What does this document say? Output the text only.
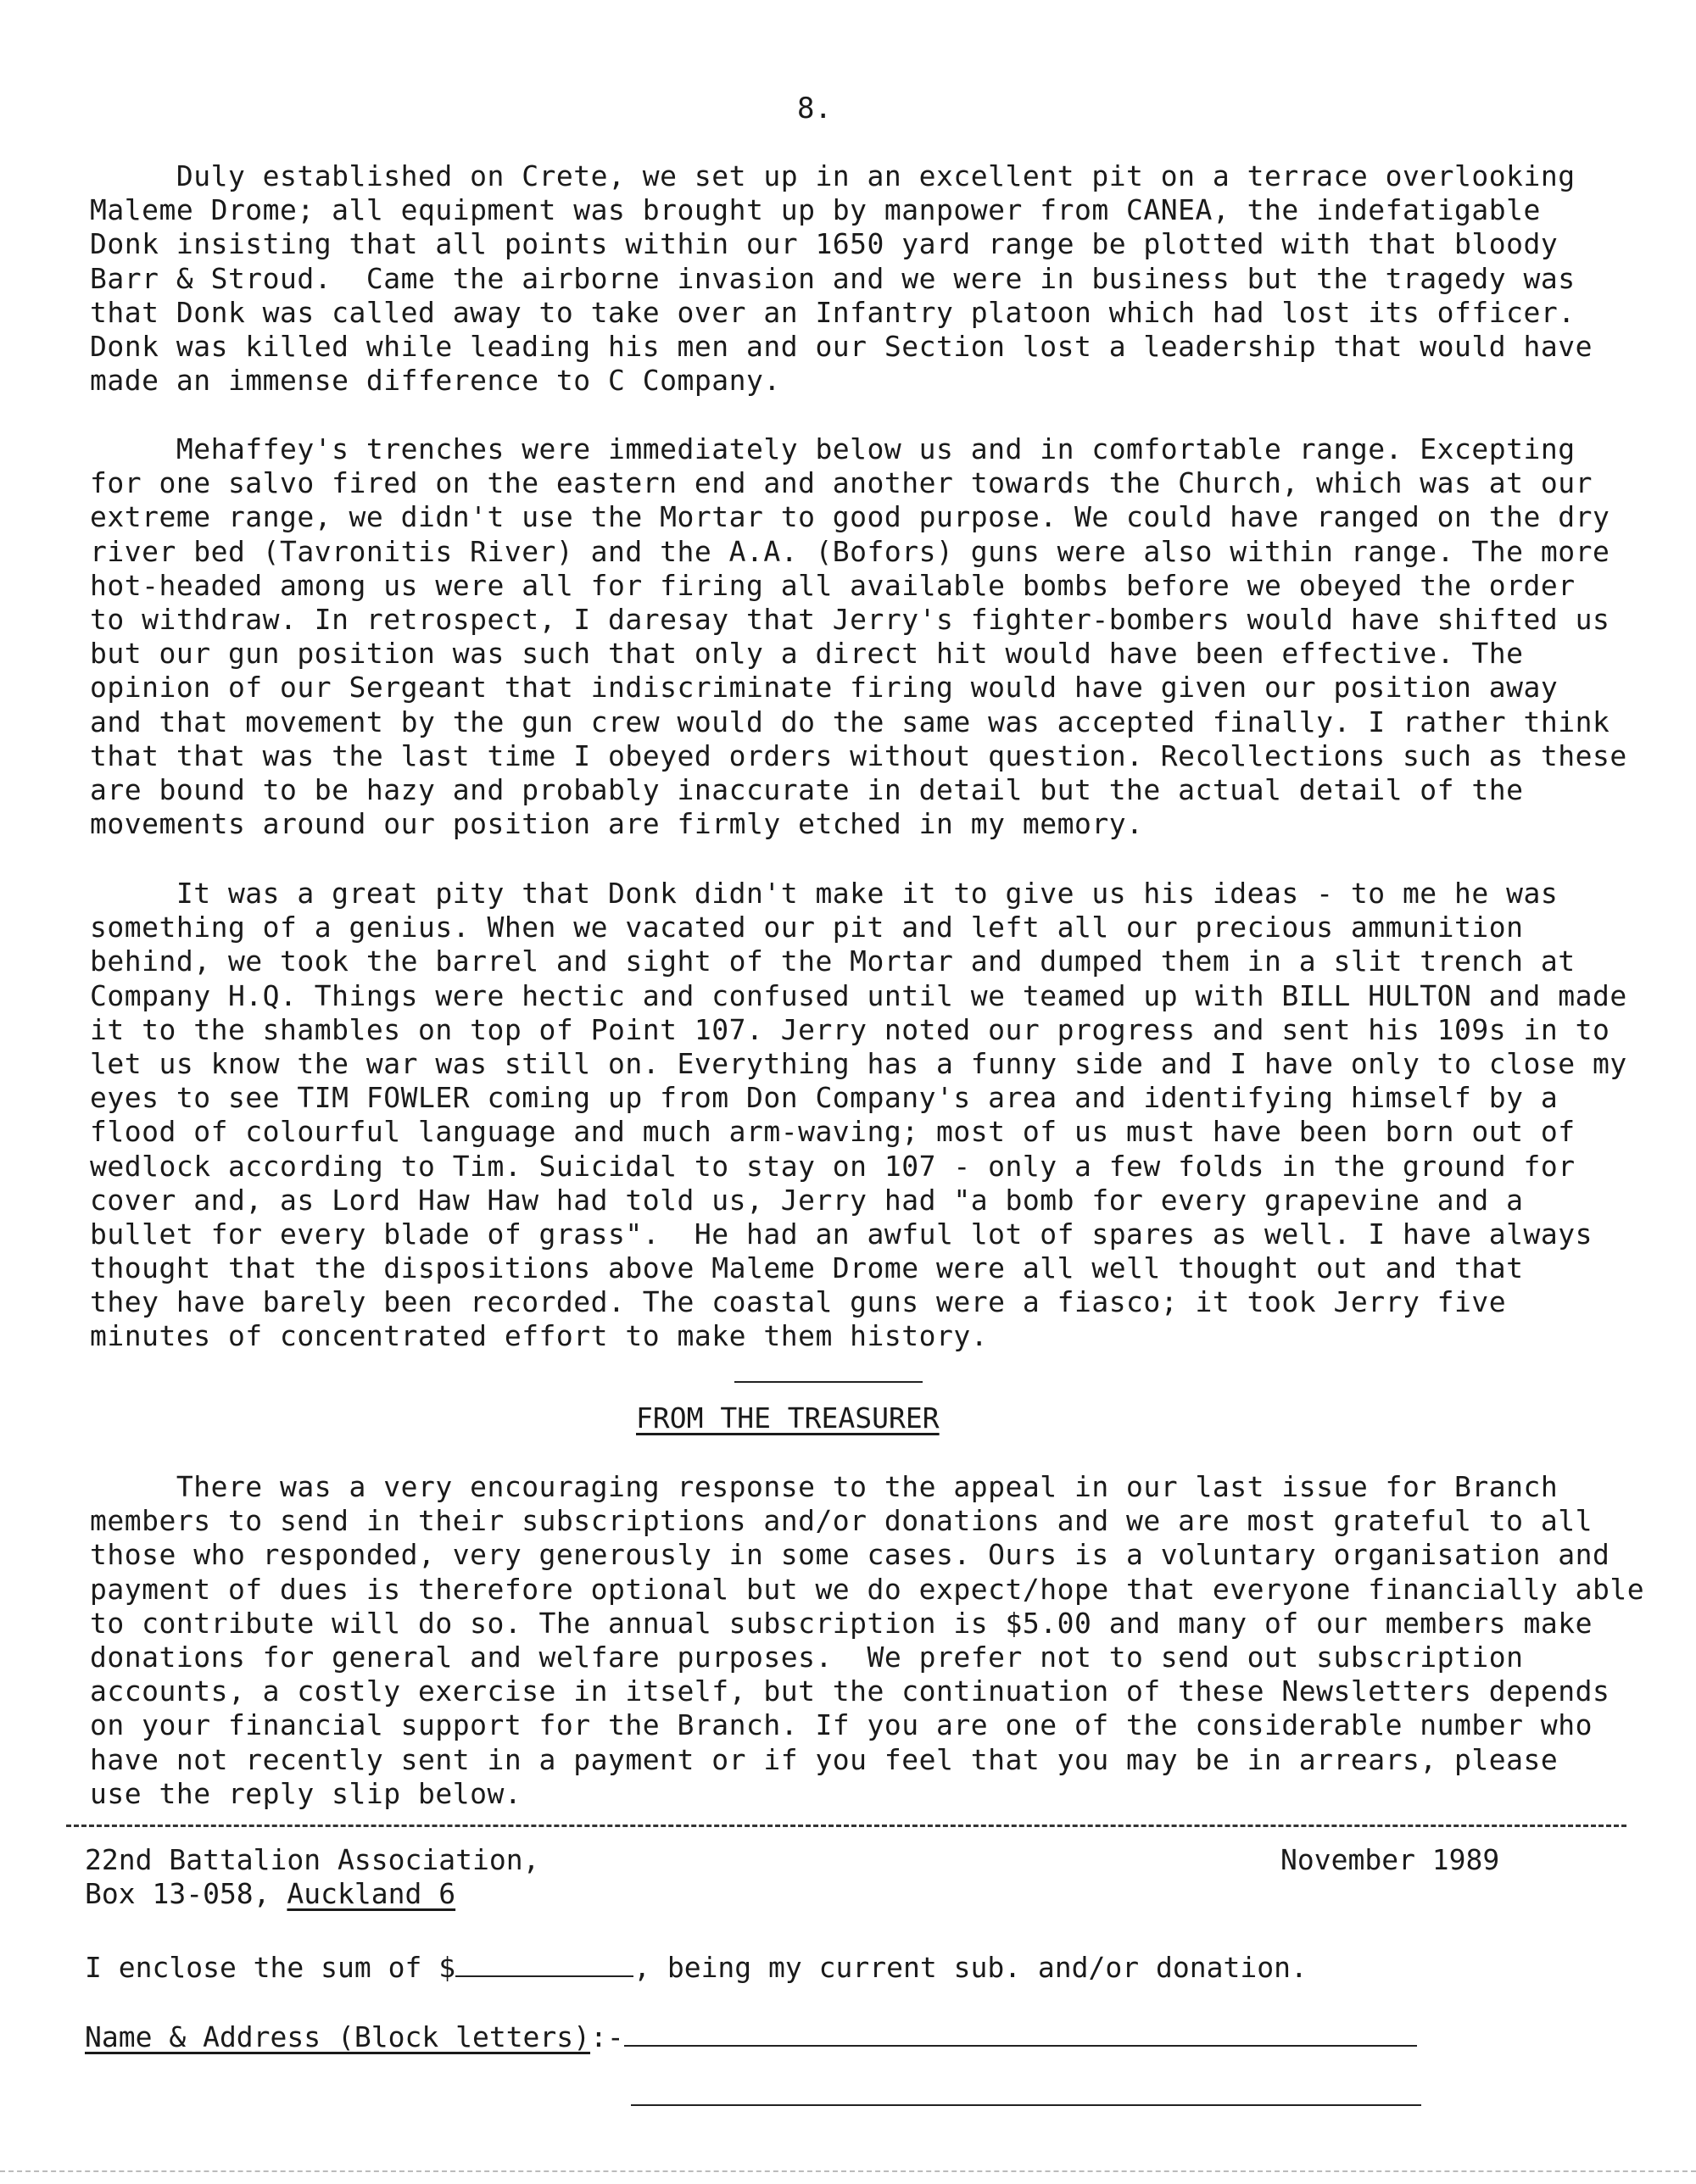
8.
Duly established on Crete, we set up in an excellent pit on a terrace overlooking
Maleme Drome; all equipment was brought up by manpower from CANEA, the indefatigable
Donk insisting that all points within our 1650 yard range be plotted with that bloody
Barr & Stroud.  Came the airborne invasion and we were in business but the tragedy was
that Donk was called away to take over an Infantry platoon which had lost its officer.
Donk was killed while leading his men and our Section lost a leadership that would have
made an immense difference to C Company.
Mehaffey's trenches were immediately below us and in comfortable range. Excepting
for one salvo fired on the eastern end and another towards the Church, which was at our
extreme range, we didn't use the Mortar to good purpose. We could have ranged on the dry
river bed (Tavronitis River) and the A.A. (Bofors) guns were also within range. The more
hot-headed among us were all for firing all available bombs before we obeyed the order
to withdraw. In retrospect, I daresay that Jerry's fighter-bombers would have shifted us
but our gun position was such that only a direct hit would have been effective. The
opinion of our Sergeant that indiscriminate firing would have given our position away
and that movement by the gun crew would do the same was accepted finally. I rather think
that that was the last time I obeyed orders without question. Recollections such as these
are bound to be hazy and probably inaccurate in detail but the actual detail of the
movements around our position are firmly etched in my memory.
It was a great pity that Donk didn't make it to give us his ideas - to me he was
something of a genius. When we vacated our pit and left all our precious ammunition
behind, we took the barrel and sight of the Mortar and dumped them in a slit trench at
Company H.Q. Things were hectic and confused until we teamed up with BILL HULTON and made
it to the shambles on top of Point 107. Jerry noted our progress and sent his 109s in to
let us know the war was still on. Everything has a funny side and I have only to close my
eyes to see TIM FOWLER coming up from Don Company's area and identifying himself by a
flood of colourful language and much arm-waving; most of us must have been born out of
wedlock according to Tim. Suicidal to stay on 107 - only a few folds in the ground for
cover and, as Lord Haw Haw had told us, Jerry had "a bomb for every grapevine and a
bullet for every blade of grass".  He had an awful lot of spares as well. I have always
thought that the dispositions above Maleme Drome were all well thought out and that
they have barely been recorded. The coastal guns were a fiasco; it took Jerry five
minutes of concentrated effort to make them history.
FROM THE TREASURER
There was a very encouraging response to the appeal in our last issue for Branch
members to send in their subscriptions and/or donations and we are most grateful to all
those who responded, very generously in some cases. Ours is a voluntary organisation and
payment of dues is therefore optional but we do expect/hope that everyone financially able
to contribute will do so. The annual subscription is $5.00 and many of our members make
donations for general and welfare purposes.  We prefer not to send out subscription
accounts, a costly exercise in itself, but the continuation of these Newsletters depends
on your financial support for the Branch. If you are one of the considerable number who
have not recently sent in a payment or if you feel that you may be in arrears, please
use the reply slip below.
22nd Battalion Association,
Box 13-058, Auckland 6
November 1989
I enclose the sum of $	, being my current sub. and/or donation.
Name & Address (Block letters):-
